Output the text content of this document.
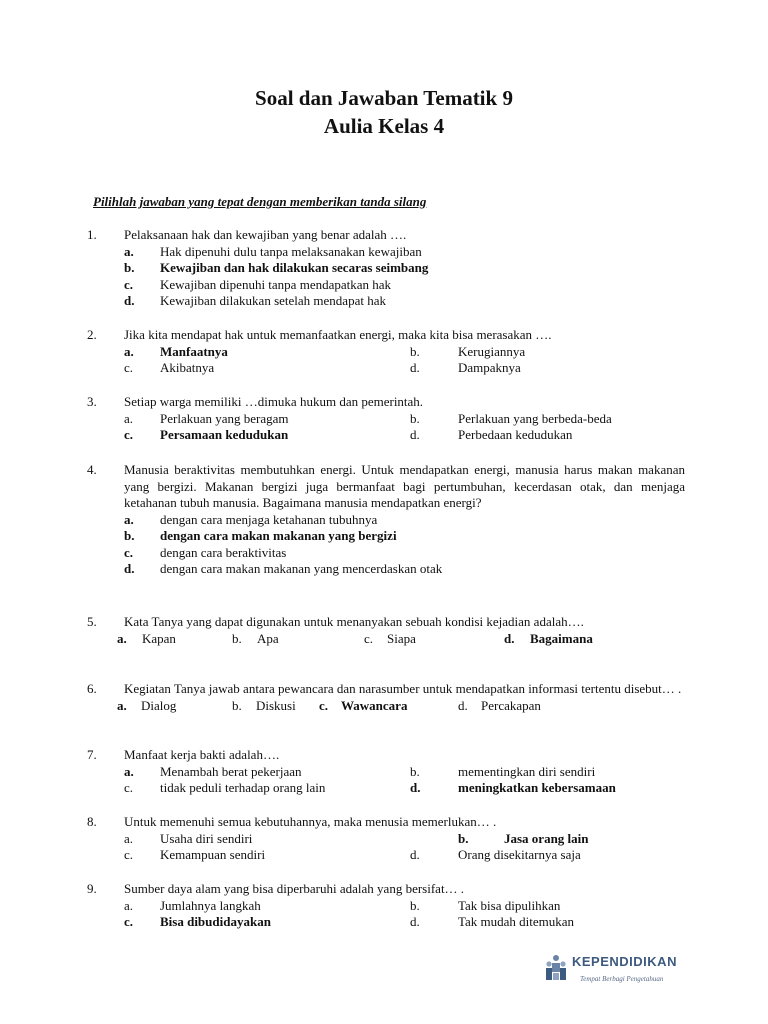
Soal dan Jawaban Tematik 9
Aulia Kelas 4
Pilihlah jawaban yang tepat dengan memberikan tanda silang
1. Pelaksanaan hak dan kewajiban yang benar adalah ….
a. Hak dipenuhi dulu tanpa melaksanakan kewajiban
b. Kewajiban dan hak dilakukan secaras seimbang
c. Kewajiban dipenuhi tanpa mendapatkan hak
d. Kewajiban dilakukan setelah mendapat hak
2. Jika kita mendapat hak untuk memanfaatkan energi, maka kita bisa merasakan ….
a. Manfaatnya	b.	Kerugiannya
c. Akibatnya	d.	Dampaknya
3. Setiap warga memiliki …dimuka hukum dan pemerintah.
a. Perlakuan yang beragam	b.	Perlakuan yang berbeda-beda
c. Persamaan kedudukan	d.	Perbedaan kedudukan
4. Manusia beraktivitas membutuhkan energi. Untuk mendapatkan energi, manusia harus makan makanan yang bergizi. Makanan bergizi juga bermanfaat bagi pertumbuhan, kecerdasan otak, dan menjaga ketahanan tubuh manusia. Bagaimana manusia mendapatkan energi?
a. dengan cara menjaga ketahanan tubuhnya
b. dengan cara makan makanan yang bergizi
c. dengan cara beraktivitas
d. dengan cara makan makanan yang mencerdaskan otak
5. Kata Tanya yang dapat digunakan untuk menanyakan sebuah kondisi kejadian adalah….
a. Kapan	b. Apa	c. Siapa	d. Bagaimana
6. Kegiatan Tanya jawab antara pewancara dan narasumber untuk mendapatkan informasi tertentu disebut… .
a. Dialog	b. Diskusi c. Wawancara	d. Percakapan
7. Manfaat kerja bakti adalah….
a. Menambah berat pekerjaan	b.	mementingkan diri sendiri
c. tidak peduli terhadap orang lain	d.	meningkatkan kebersamaan
8. Untuk memenuhi semua kebutuhannya, maka menusia memerlukan… .
a. Usaha diri sendiri	b.	Jasa orang lain
c. Kemampuan sendiri	d.	Orang disekitarnya saja
9. Sumber daya alam yang bisa diperbaruhi adalah yang bersifat… .
a. Jumlahnya langkah	b.	Tak bisa dipulihkan
c. Bisa dibudidayakan	d.	Tak mudah ditemukan
KEPENDIDIKAN
Tempat Berbagi Pengetahuan
